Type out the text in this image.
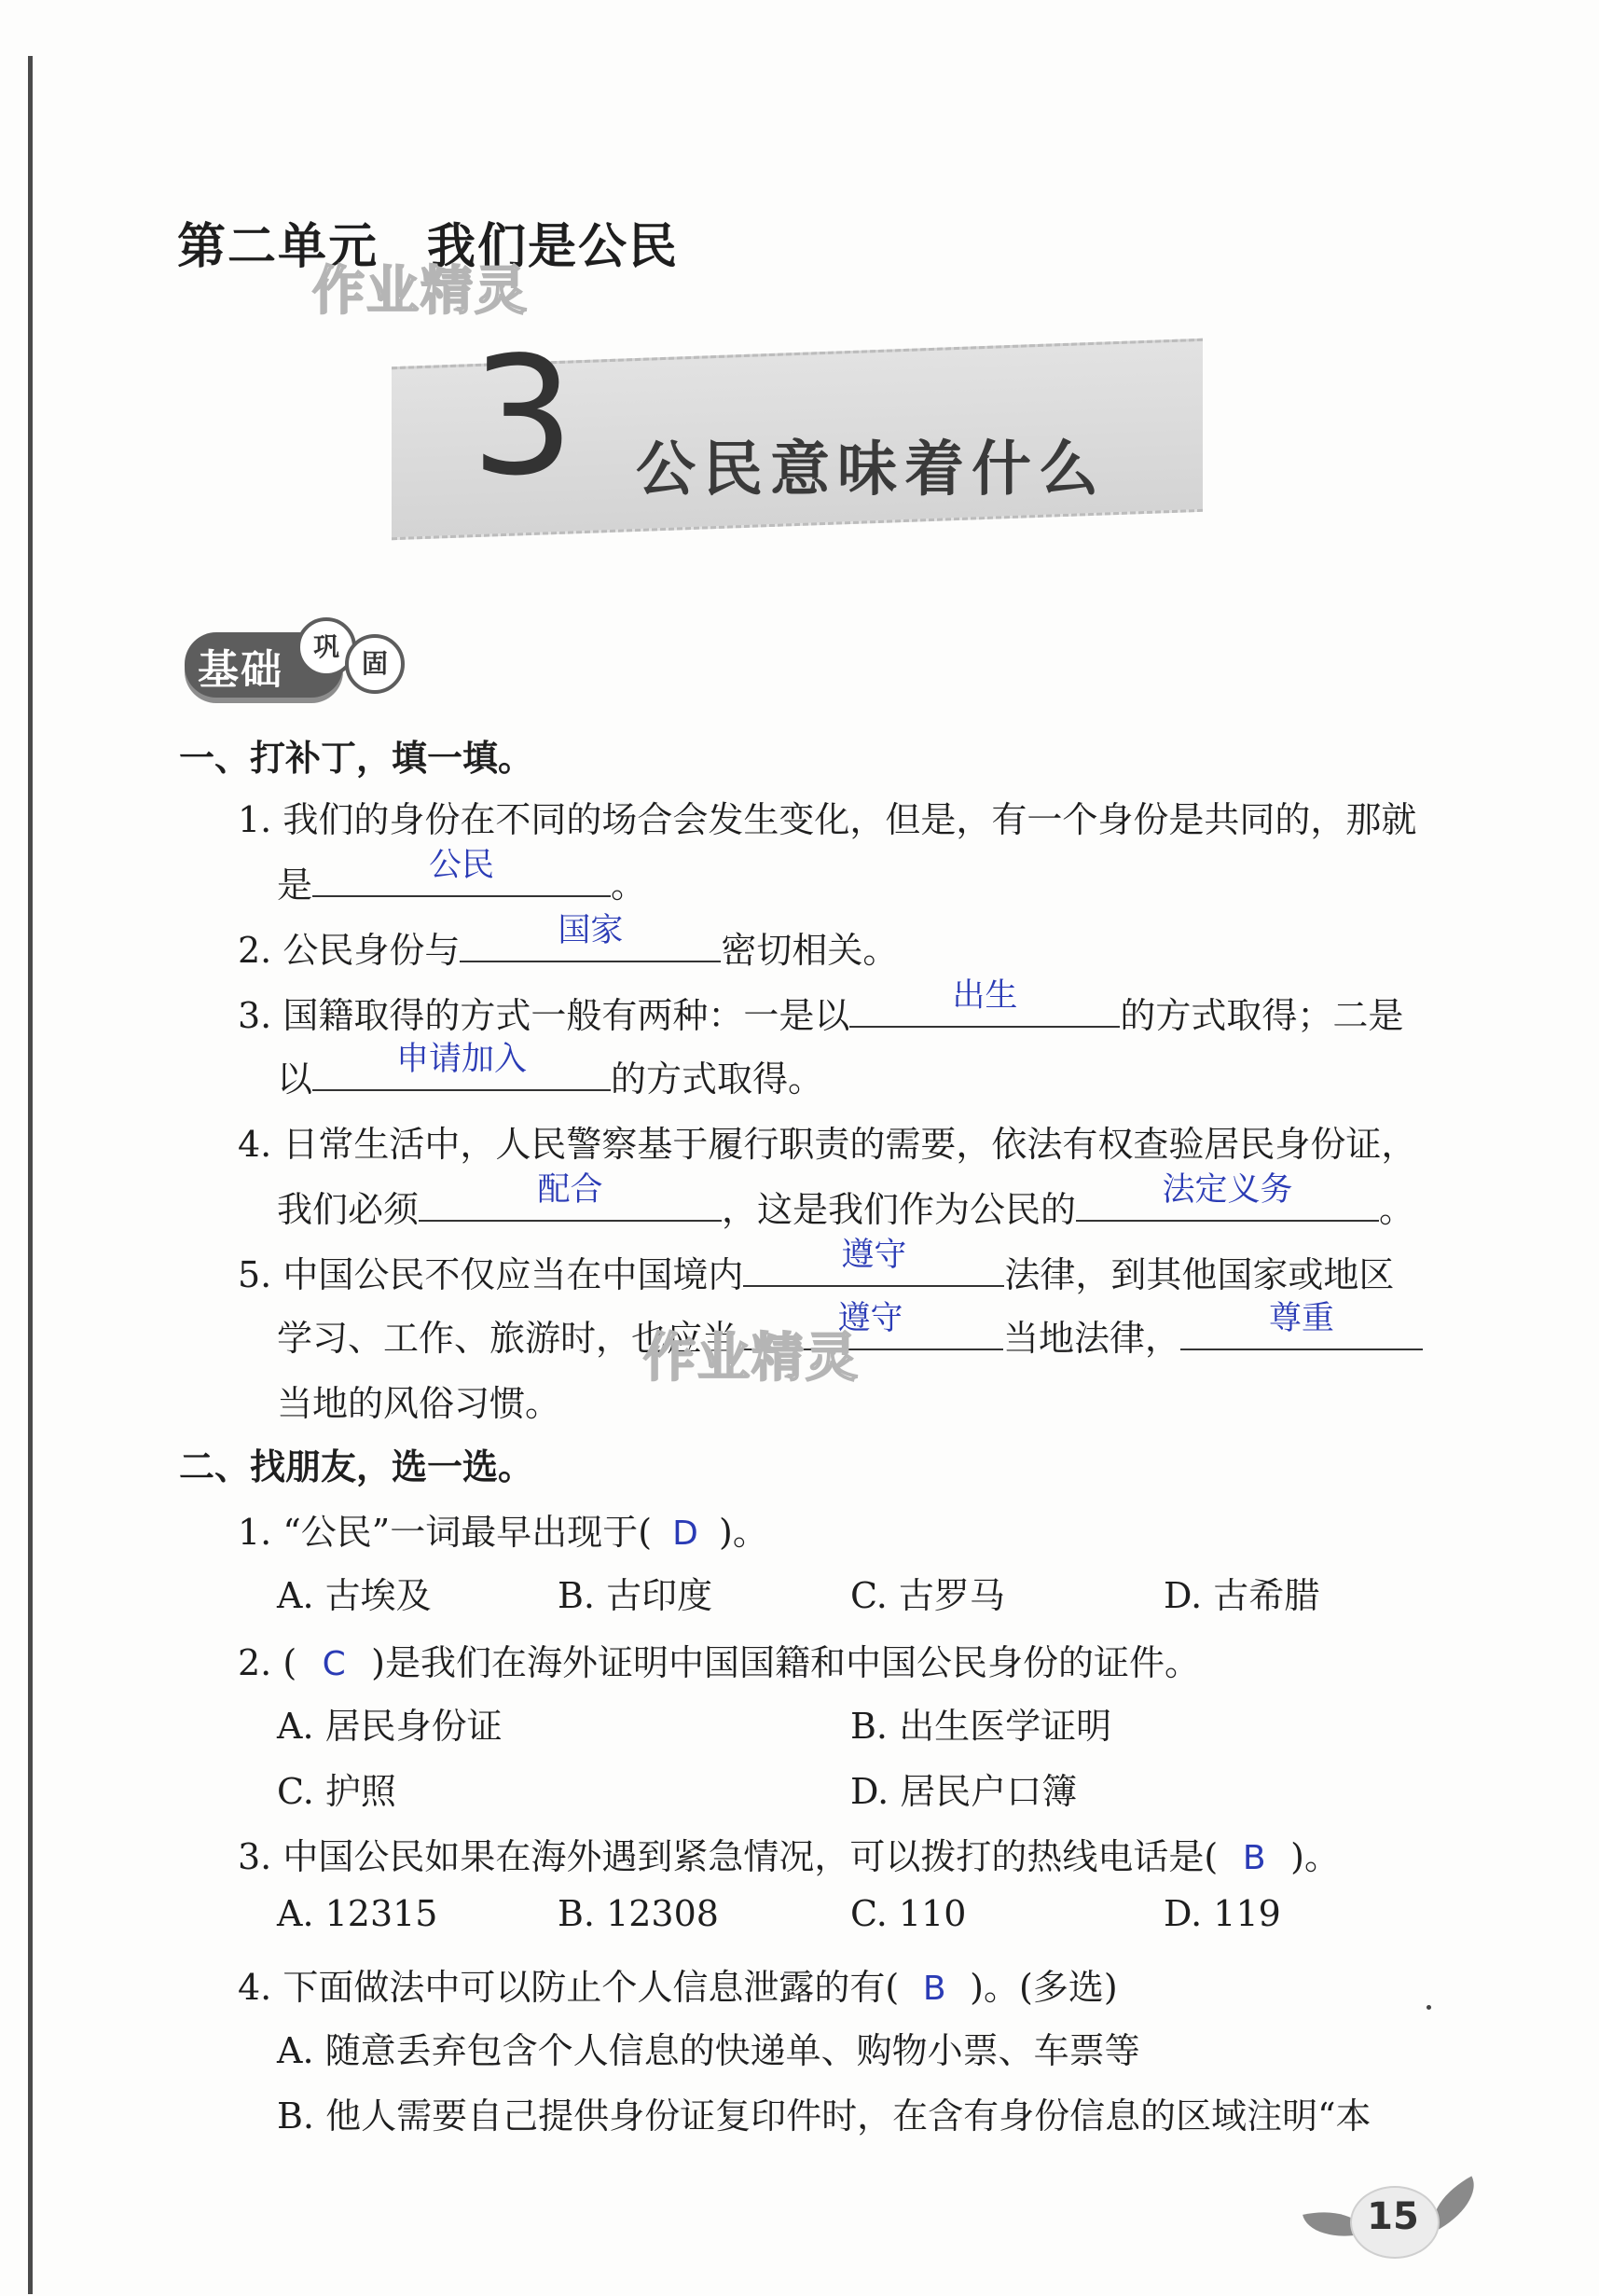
第二单元 我们是公民
作业精灵
3 公民意味着什么
基础	巩
固
一、打补丁，填一填。
1. 我们的身份在不同的场合会发生变化，但是，有一个身份是共同的，那就
是	公民	。
2. 公民身份与	国家	密切相关。
3. 国籍取得的方式一般有两种：一是以	出生	的方式取得；二是
以	申请加入	的方式取得。
4. 日常生活中，人民警察基于履行职责的需要，依法有权查验居民身份证，
我们必须	配合	，这是我们作为公民的	法定义务	。
5. 中国公民不仅应当在中国境内	遵守	法律，到其他国家或地区
学习、工作、旅游时，也应当	遵守	当地法律，	尊重
作业精灵
当地的风俗习惯。
二、找朋友，选一选。
1. “公民”一词最早出现于( D )。
A. 古埃及	B. 古印度	C. 古罗马	D. 古希腊
2. ( C )是我们在海外证明中国国籍和中国公民身份的证件。
A. 居民身份证	B. 出生医学证明
C. 护照	D. 居民户口簿
3. 中国公民如果在海外遇到紧急情况，可以拨打的热线电话是( B )。
A. 12315	B. 12308	C. 110	D. 119
4. 下面做法中可以防止个人信息泄露的有( B )。(多选)
A. 随意丢弃包含个人信息的快递单、购物小票、车票等
B. 他人需要自己提供身份证复印件时，在含有身份信息的区域注明“本
15
